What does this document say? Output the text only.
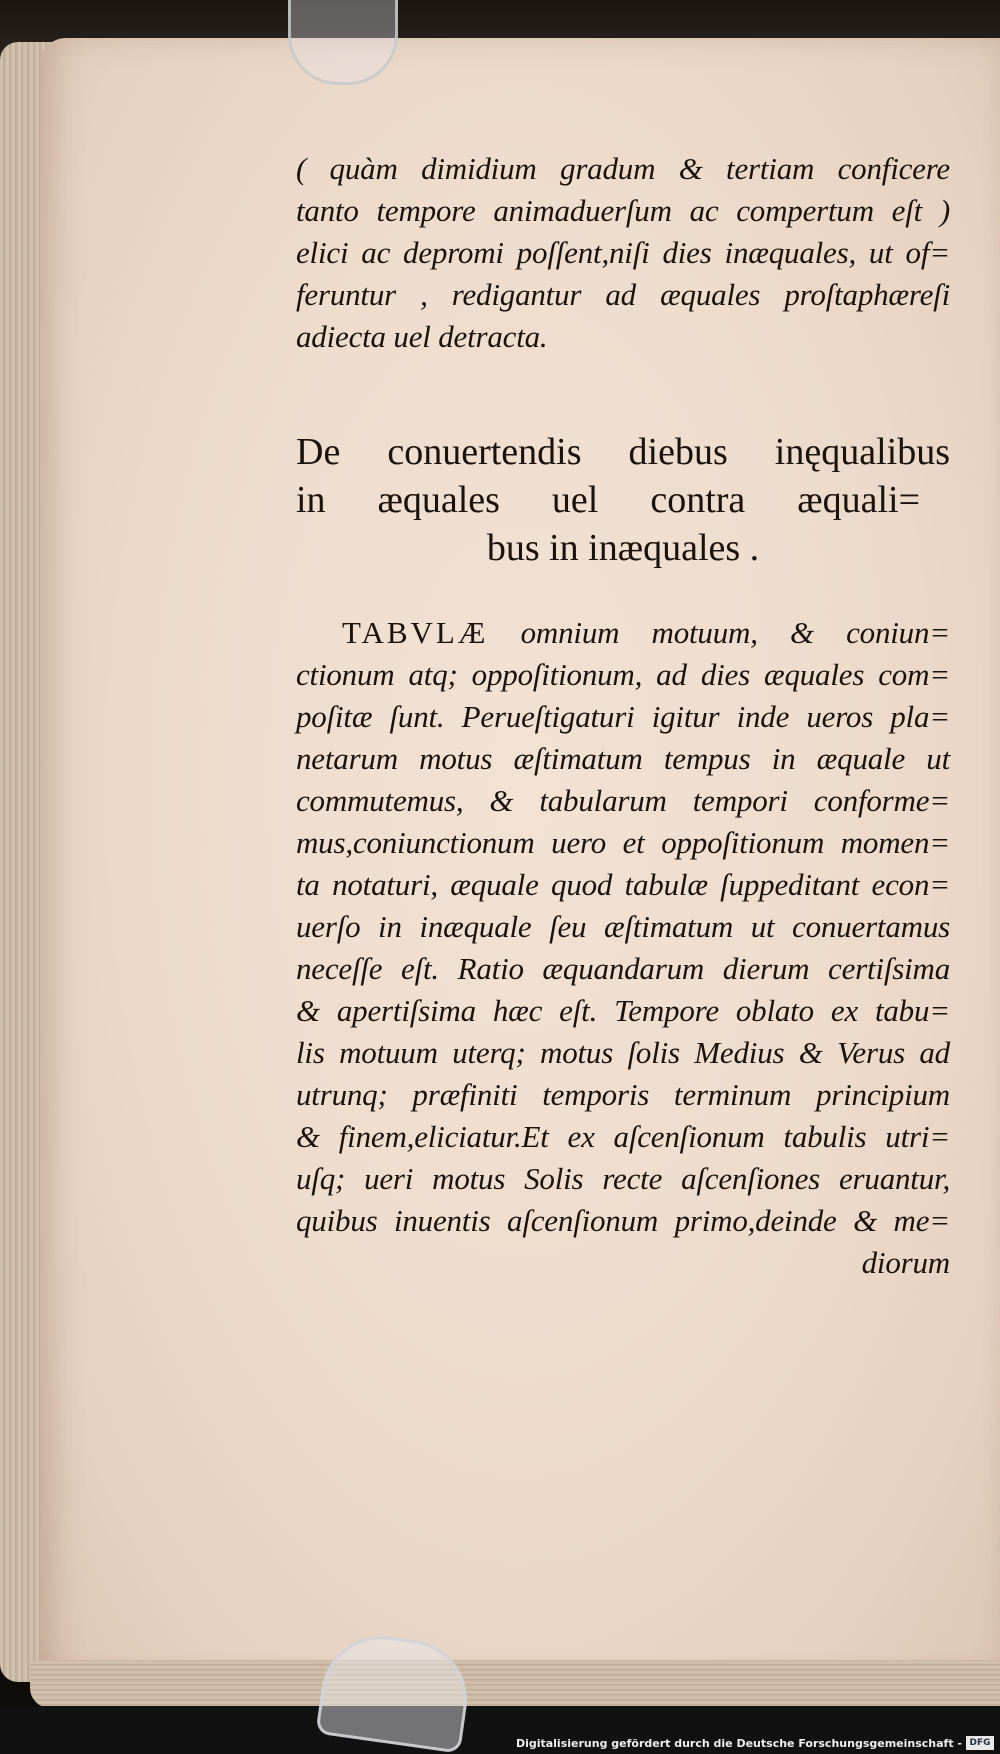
( quàm dimidium gradum & tertiam conficere
tanto tempore animaduerſum ac compertum eſt )
elici ac depromi poſſent,niſi dies inæquales, ut of=
feruntur , redigantur ad æquales proſtaphæreſi
adiecta uel detracta.
De conuertendis diebus inęqualibus
in æquales uel contra æquali=
bus in inæquales .
TABVLÆ omnium motuum, & coniun=
ctionum atq; oppoſitionum, ad dies æquales com=
poſitæ ſunt. Perueſtigaturi igitur inde ueros pla=
netarum motus æſtimatum tempus in æquale ut
commutemus, & tabularum tempori conforme=
mus,coniunctionum uero et oppoſitionum momen=
ta notaturi, æquale quod tabulæ ſuppeditant econ=
uerſo in inæquale ſeu æſtimatum ut conuertamus
neceſſe eſt. Ratio æquandarum dierum certiſsima
& apertiſsima hæc eſt. Tempore oblato ex tabu=
lis motuum uterq; motus ſolis Medius & Verus ad
utrunq; præfiniti temporis terminum principium
& finem,eliciatur.Et ex aſcenſionum tabulis utri=
uſq; ueri motus Solis recte aſcenſiones eruantur,
quibus inuentis aſcenſionum primo,deinde & me=
diorum
Digitalisierung gefördert durch die Deutsche Forschungsgemeinschaft - DFG
